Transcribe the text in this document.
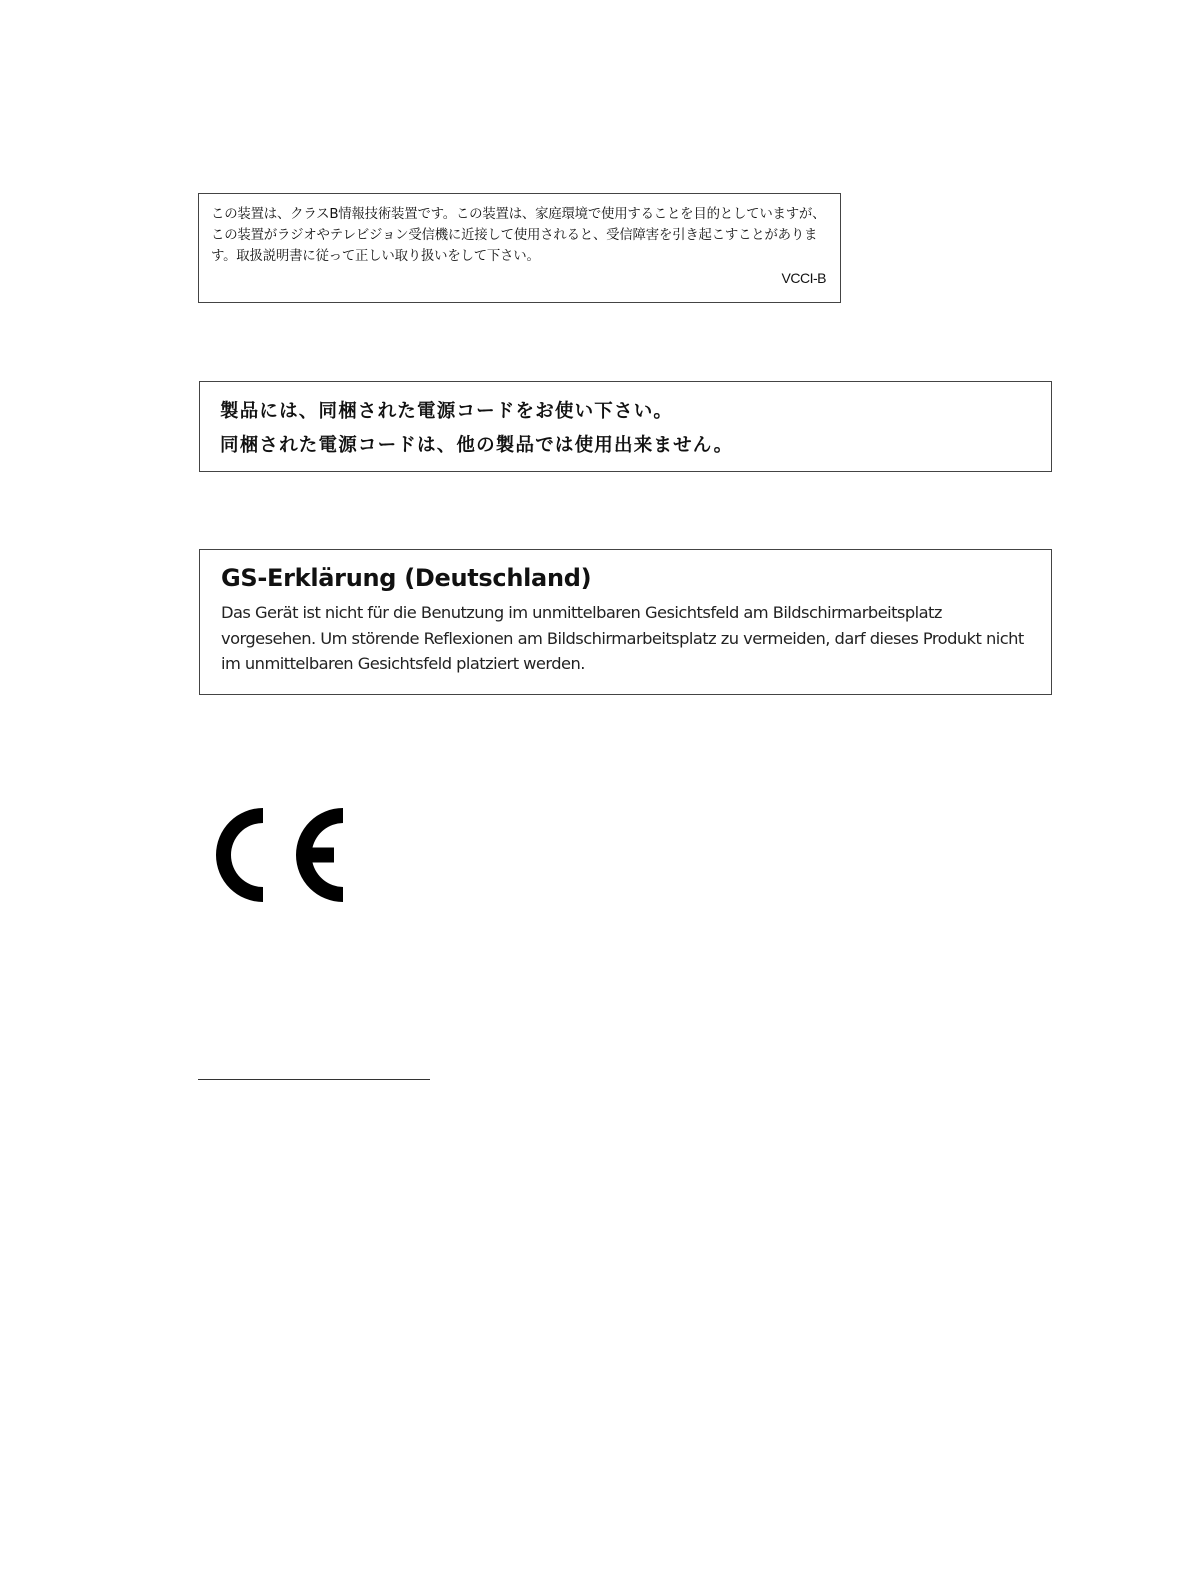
この装置は、クラスB情報技術装置です。この装置は、家庭環境で使用することを目的としていますが、この装置がラジオやテレビジョン受信機に近接して使用されると、受信障害を引き起こすことがあります。取扱説明書に従って正しい取り扱いをして下さい。

VCCI-B

製品には、同梱された電源コードをお使い下さい。

同梱された電源コードは、他の製品では使用出来ません。

GS-Erklärung (Deutschland)

Das Gerät ist nicht für die Benutzung im unmittelbaren Gesichtsfeld am Bildschirmarbeitsplatz vorgesehen. Um störende Reflexionen am Bildschirmarbeitsplatz zu vermeiden, darf dieses Produkt nicht im unmittelbaren Gesichtsfeld platziert werden.
